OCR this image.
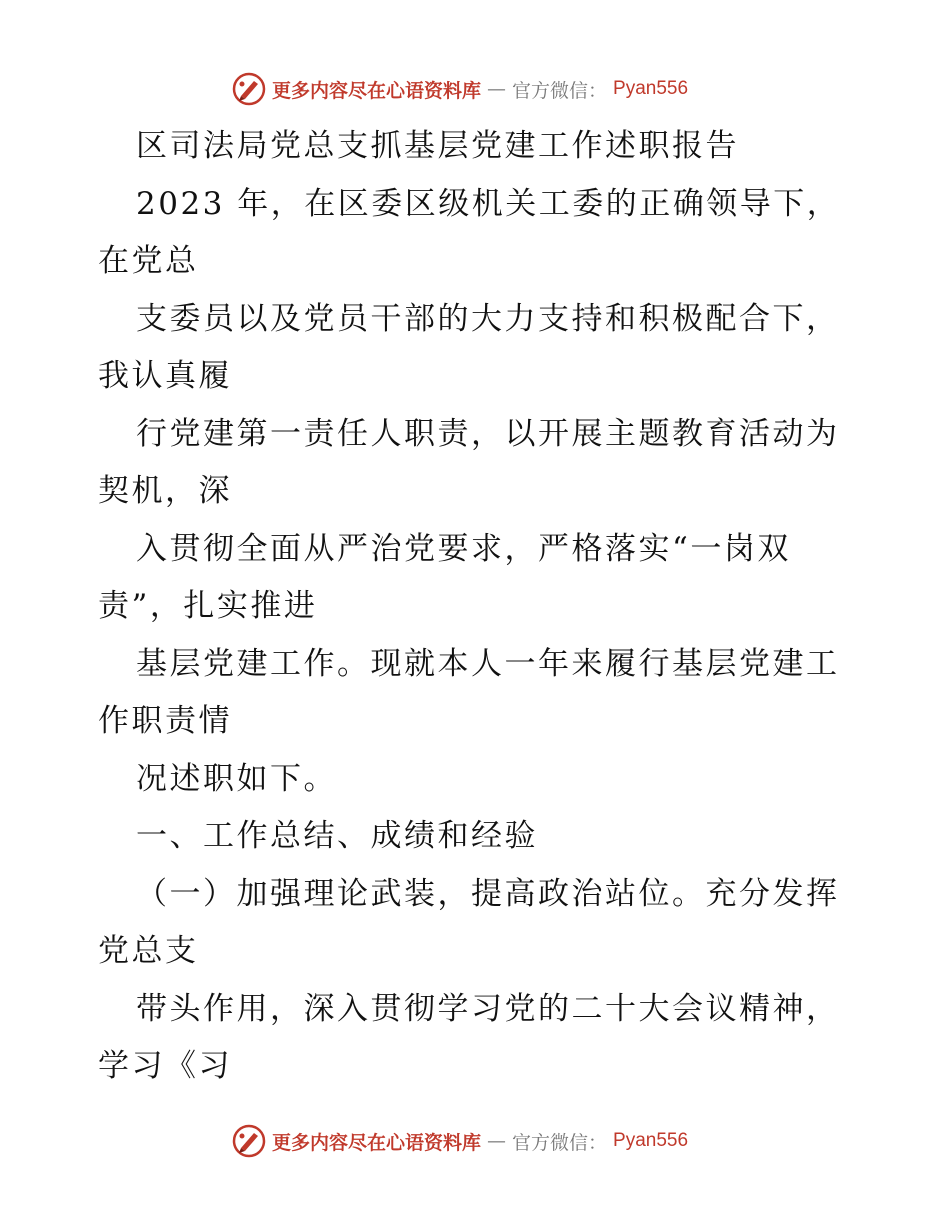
更多内容尽在心语资料库 — 官方微信： Pyan556
区司法局党总支抓基层党建工作述职报告
2023 年，在区委区级机关工委的正确领导下，
在党总
支委员以及党员干部的大力支持和积极配合下，
我认真履
行党建第一责任人职责，以开展主题教育活动为
契机，深
入贯彻全面从严治党要求，严格落实“一岗双
责”，扎实推进
基层党建工作。现就本人一年来履行基层党建工
作职责情
况述职如下。
一、工作总结、成绩和经验
（一）加强理论武装，提高政治站位。充分发挥
党总支
带头作用，深入贯彻学习党的二十大会议精神，
学习《习
更多内容尽在心语资料库 — 官方微信： Pyan556
